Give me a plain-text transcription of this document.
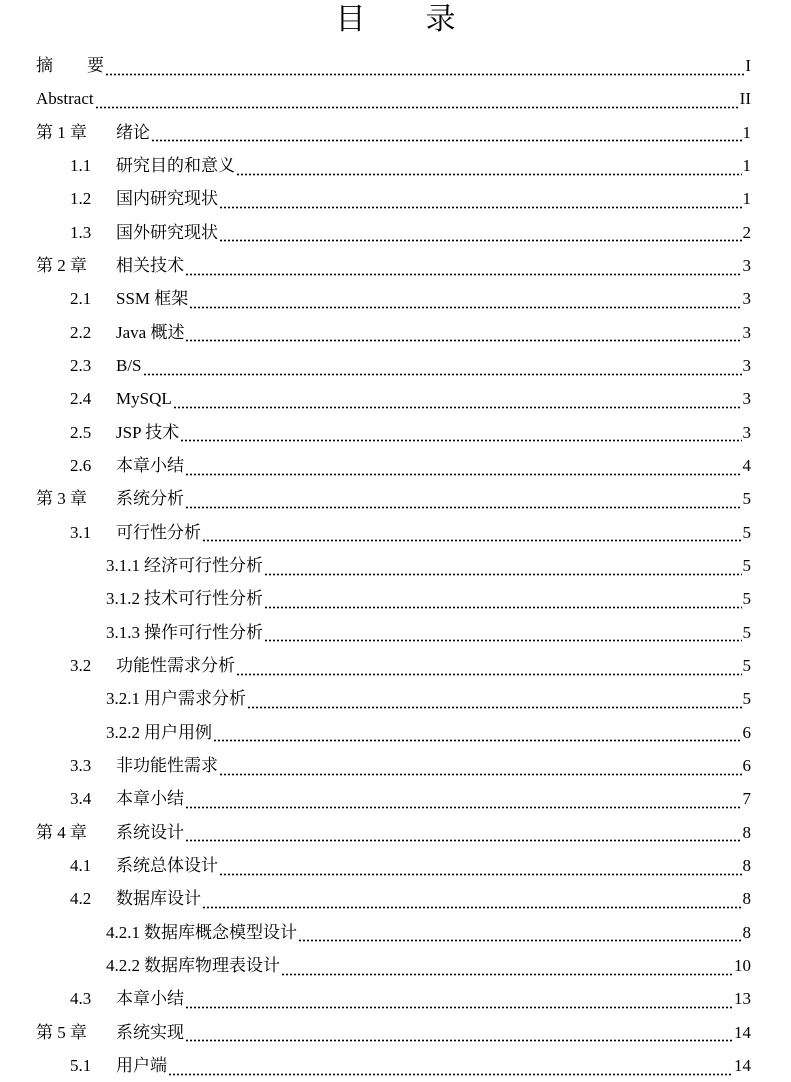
目录
摘　　要	I
Abstract	II
第 1 章	绪论	1
1.1	研究目的和意义	1
1.2	国内研究现状	1
1.3	国外研究现状	2
第 2 章	相关技术	3
2.1	SSM 框架	3
2.2	Java 概述	3
2.3	B/S	3
2.4	MySQL	3
2.5	JSP 技术	3
2.6	本章小结	4
第 3 章	系统分析	5
3.1	可行性分析	5
3.1.1 经济可行性分析	5
3.1.2 技术可行性分析	5
3.1.3 操作可行性分析	5
3.2	功能性需求分析	5
3.2.1 用户需求分析	5
3.2.2 用户用例	6
3.3	非功能性需求	6
3.4	本章小结	7
第 4 章	系统设计	8
4.1	系统总体设计	8
4.2	数据库设计	8
4.2.1 数据库概念模型设计	8
4.2.2 数据库物理表设计	10
4.3	本章小结	13
第 5 章	系统实现	14
5.1	用户端	14
